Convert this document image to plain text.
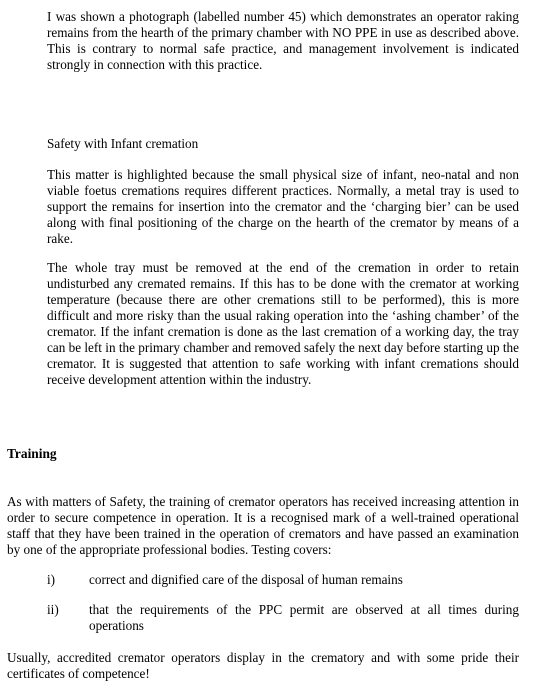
I was shown a photograph (labelled number 45) which demonstrates an operator raking remains from the hearth of the primary chamber with NO PPE in use as described above. This is contrary to normal safe practice, and management involvement is indicated strongly in connection with this practice.

Safety with Infant cremation

This matter is highlighted because the small physical size of infant, neo-natal and non viable foetus cremations requires different practices. Normally, a metal tray is used to support the remains for insertion into the cremator and the ‘charging bier’ can be used along with final positioning of the charge on the hearth of the cremator by means of a rake.

The whole tray must be removed at the end of the cremation in order to retain undisturbed any cremated remains. If this has to be done with the cremator at working temperature (because there are other cremations still to be performed), this is more difficult and more risky than the usual raking operation into the ‘ashing chamber’ of the cremator. If the infant cremation is done as the last cremation of a working day, the tray can be left in the primary chamber and removed safely the next day before starting up the cremator. It is suggested that attention to safe working with infant cremations should receive development attention within the industry.

Training

As with matters of Safety, the training of cremator operators has received increasing attention in order to secure competence in operation. It is a recognised mark of a well-trained operational staff that they have been trained in the operation of cremators and have passed an examination by one of the appropriate professional bodies. Testing covers:

i)	correct and dignified care of the disposal of human remains
ii) that the requirements of the PPC permit are observed at all times during operations

Usually, accredited cremator operators display in the crematory and with some pride their certificates of competence!
